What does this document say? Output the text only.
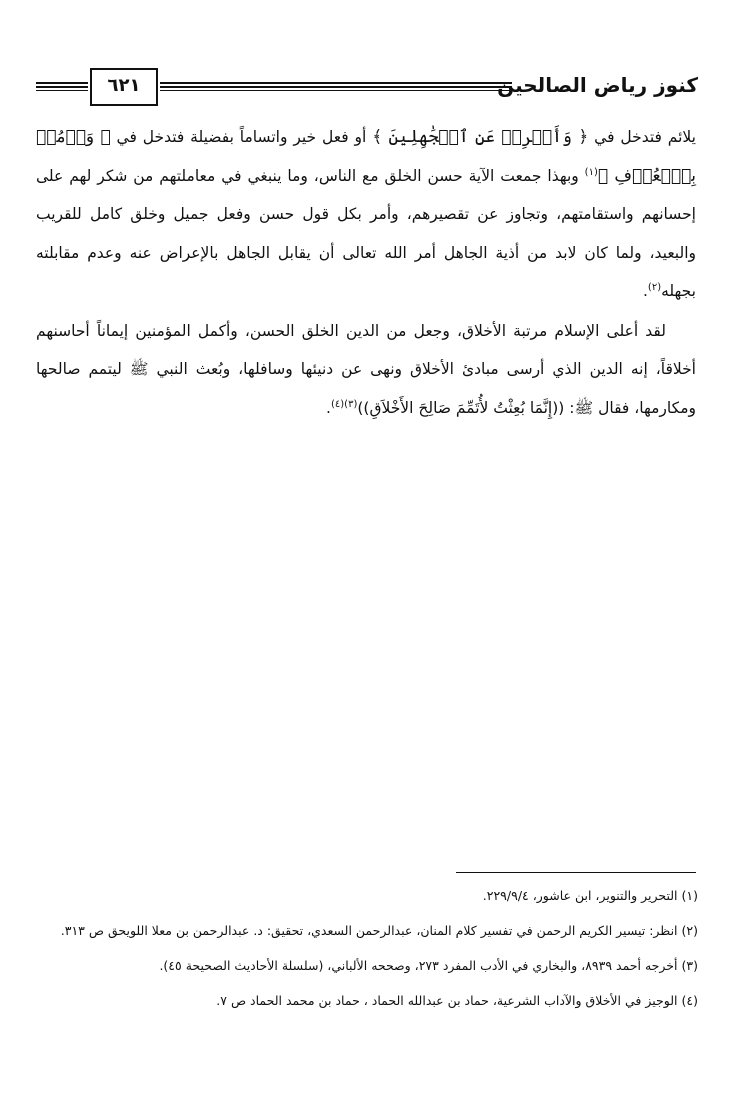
٦٢١	كنوز رياض الصالحين

يلائم فتدخل في ﴿ وَأَعۡرِضۡ عَنِ ٱلۡجَٰهِلِينَ ﴾ أو فعل خير واتساماً بفضيلة فتدخل في ﴿ وَأۡمُرۡ بِٱلۡعُرۡفِ ﴾$^{(١)}$ وبهذا جمعت الآية حسن الخلق مع الناس، وما ينبغي في معاملتهم من شكر لهم على إحسانهم واستقامتهم، وتجاوز عن تقصيرهم، وأمر بكل قول حسن وفعل جميل وخلق كامل للقريب والبعيد، ولما كان لابد من أذية الجاهل أمر الله تعالى أن يقابل الجاهل بالإعراض عنه وعدم مقابلته بجهله$^{(٢)}$.

لقد أعلى الإسلام مرتبة الأخلاق، وجعل من الدين الخلق الحسن، وأكمل المؤمنين إيماناً أحاسنهم أخلاقاً، إنه الدين الذي أرسى مبادئ الأخلاق ونهى عن دنيئها وسافلها، وبُعث النبي ﷺ ليتمم صالحها ومكارمها، فقال ﷺ: ((إِنَّمَا بُعِثْتُ لأُتَمِّمَ صَالِحَ الأَخْلاَقِ))$^{(٣)(٤)}$.

(١) التحرير والتنوير، ابن عاشور، ٢٢٩/٩/٤.

(٢) انظر: تيسير الكريم الرحمن في تفسير كلام المنان، عبدالرحمن السعدي، تحقيق: د. عبدالرحمن بن معلا اللويحق ص ٣١٣.

(٣) أخرجه أحمد ٨٩٣٩، والبخاري في الأدب المفرد ٢٧٣، وصححه الألباني، (سلسلة الأحاديث الصحيحة ٤٥).

(٤) الوجيز في الأخلاق والآداب الشرعية، حماد بن عبدالله الحماد ، حماد بن محمد الحماد ص ٧.
